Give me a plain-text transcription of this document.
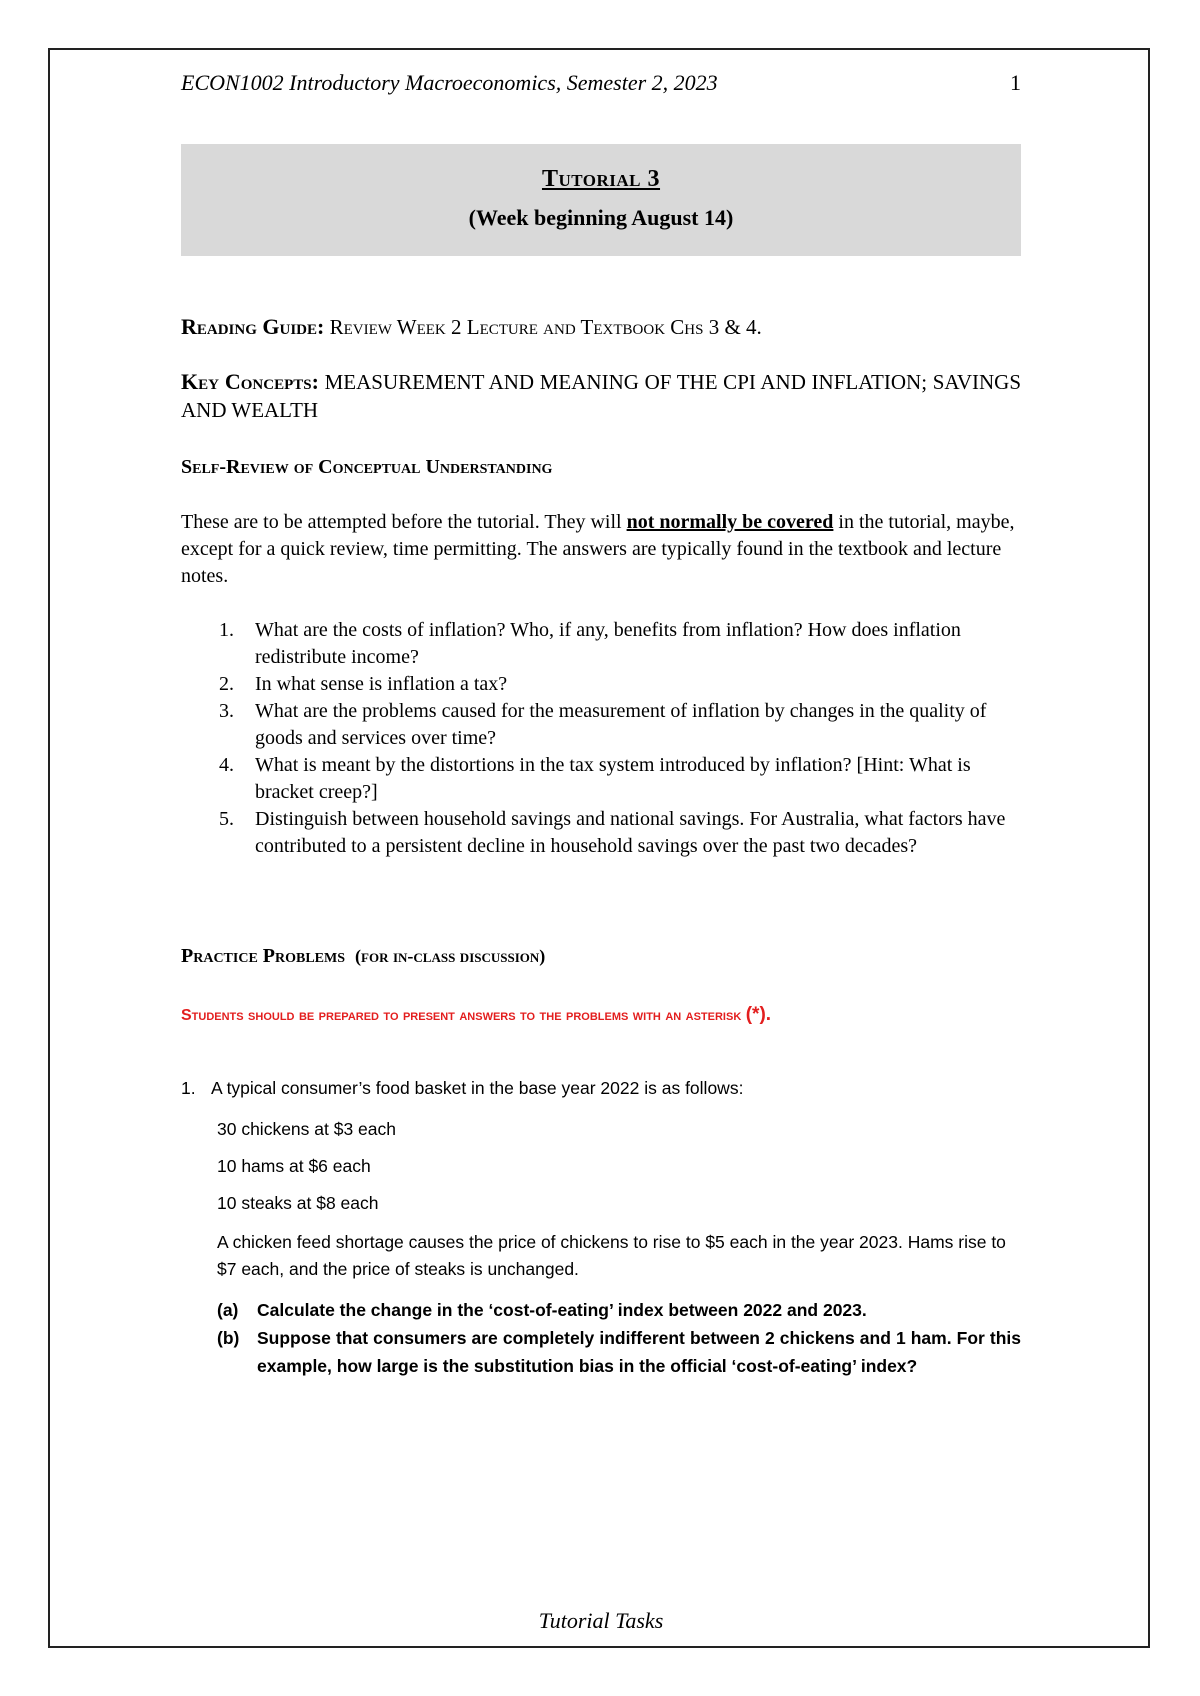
ECON1002 Introductory Macroeconomics, Semester 2, 2023	1
Tutorial 3
(Week beginning August 14)
Reading Guide: Review Week 2 Lecture and Textbook Chs 3 & 4.
Key Concepts: MEASUREMENT AND MEANING OF THE CPI AND INFLATION; SAVINGS AND WEALTH
Self-Review of Conceptual Understanding
These are to be attempted before the tutorial. They will not normally be covered in the tutorial, maybe, except for a quick review, time permitting. The answers are typically found in the textbook and lecture notes.
1. What are the costs of inflation? Who, if any, benefits from inflation? How does inflation redistribute income?
2. In what sense is inflation a tax?
3. What are the problems caused for the measurement of inflation by changes in the quality of goods and services over time?
4. What is meant by the distortions in the tax system introduced by inflation? [Hint: What is bracket creep?]
5. Distinguish between household savings and national savings. For Australia, what factors have contributed to a persistent decline in household savings over the past two decades?
Practice Problems (for in-class discussion)
Students should be prepared to present answers to the problems with an asterisk (*).
1. A typical consumer’s food basket in the base year 2022 is as follows:
30 chickens at $3 each
10 hams at $6 each
10 steaks at $8 each
A chicken feed shortage causes the price of chickens to rise to $5 each in the year 2023. Hams rise to $7 each, and the price of steaks is unchanged.
(a) Calculate the change in the ‘cost-of-eating’ index between 2022 and 2023.
(b) Suppose that consumers are completely indifferent between 2 chickens and 1 ham. For this example, how large is the substitution bias in the official ‘cost-of-eating’ index?
Tutorial Tasks
